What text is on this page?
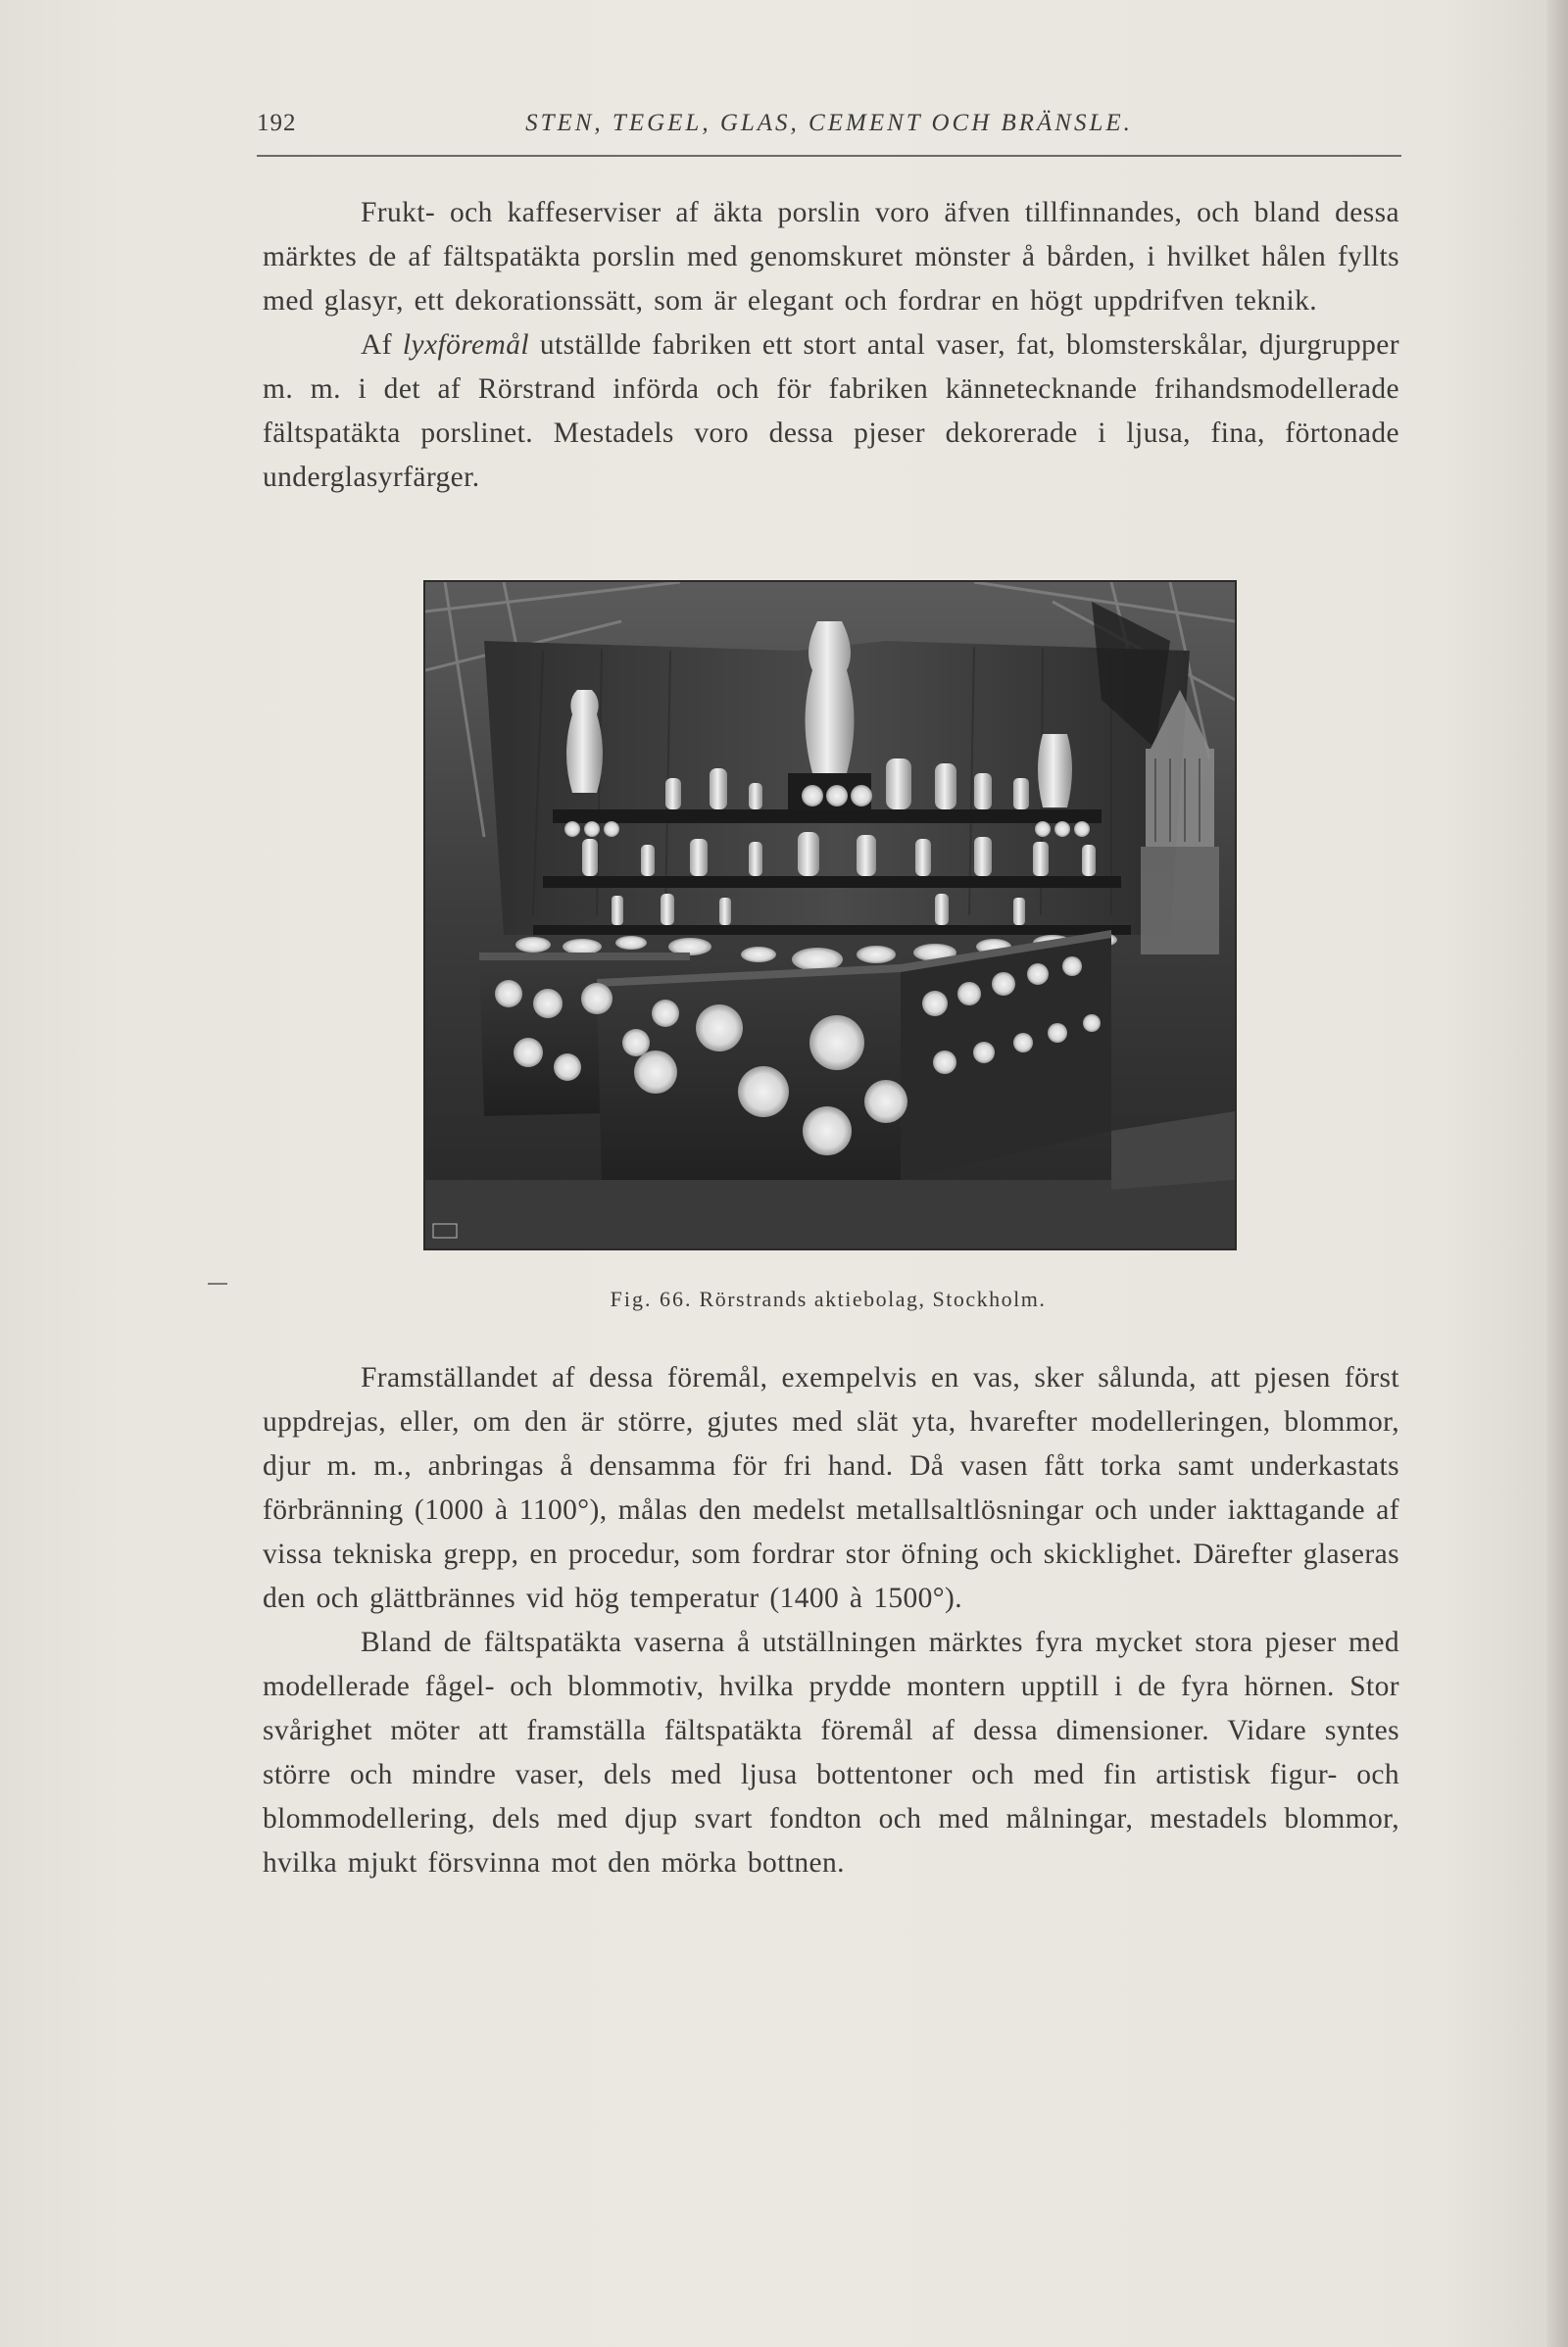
192	STEN, TEGEL, GLAS, CEMENT OCH BRÄNSLE.

Frukt- och kaffeserviser af äkta porslin voro äfven tillfinnandes, och bland dessa märktes de af fältspatäkta porslin med genomskuret mönster å bården, i hvilket hålen fyllts med glasyr, ett dekorationssätt, som är elegant och fordrar en högt uppdrifven teknik.

Af lyxföremål utställde fabriken ett stort antal vaser, fat, blomsterskålar, djurgrupper m. m. i det af Rörstrand införda och för fabriken kännetecknande frihandsmodellerade fältspatäkta porslinet. Mestadels voro dessa pjeser dekorerade i ljusa, fina, förtonade underglasyrfärger.

Fig. 66. Rörstrands aktiebolag, Stockholm.

Framställandet af dessa föremål, exempelvis en vas, sker sålunda, att pjesen först uppdrejas, eller, om den är större, gjutes med slät yta, hvarefter modelleringen, blommor, djur m. m., anbringas å densamma för fri hand. Då vasen fått torka samt underkastats förbränning (1000 à 1100°), målas den medelst metallsaltlösningar och under iakttagande af vissa tekniska grepp, en procedur, som fordrar stor öfning och skicklighet. Därefter glaseras den och glättbrännes vid hög temperatur (1400 à 1500°).

Bland de fältspatäkta vaserna å utställningen märktes fyra mycket stora pjeser med modellerade fågel- och blommotiv, hvilka prydde montern upptill i de fyra hörnen. Stor svårighet möter att framställa fältspatäkta föremål af dessa dimensioner. Vidare syntes större och mindre vaser, dels med ljusa bottentoner och med fin artistisk figur- och blommodellering, dels med djup svart fondton och med målningar, mestadels blommor, hvilka mjukt försvinna mot den mörka bottnen.
